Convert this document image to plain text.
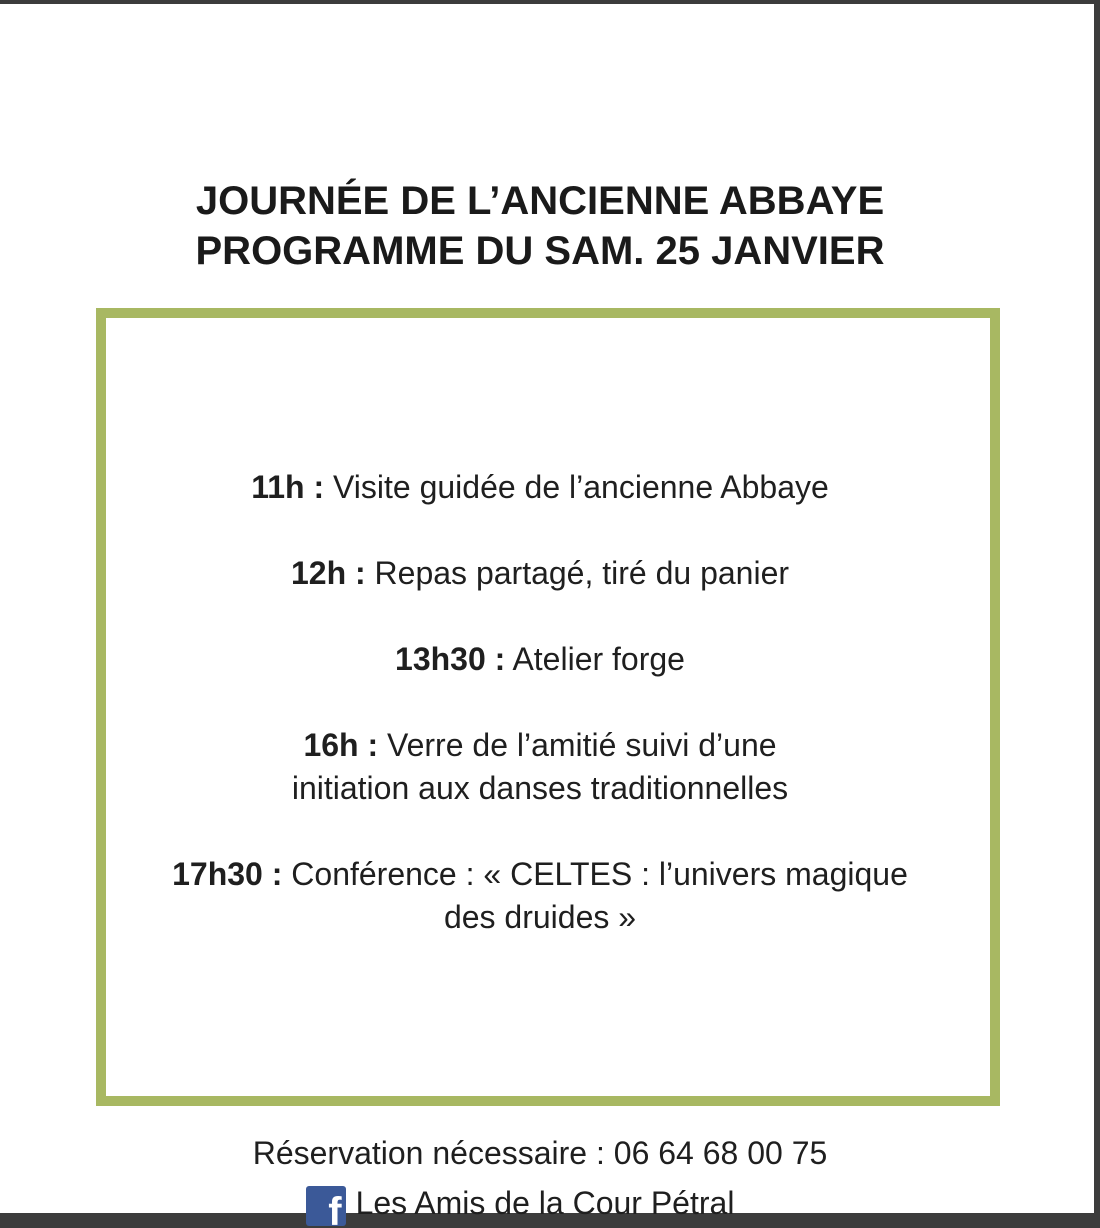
JOURNÉE DE L’ANCIENNE ABBAYE
PROGRAMME DU SAM. 25 JANVIER
11h : Visite guidée de l’ancienne Abbaye
12h : Repas partagé, tiré du panier
13h30 : Atelier forge
16h : Verre de l’amitié suivi d’une
initiation aux danses traditionnelles
17h30 : Conférence : « CELTES : l’univers magique
des druides »
Réservation nécessaire : 06 64 68 00 75
f Les Amis de la Cour Pétral
